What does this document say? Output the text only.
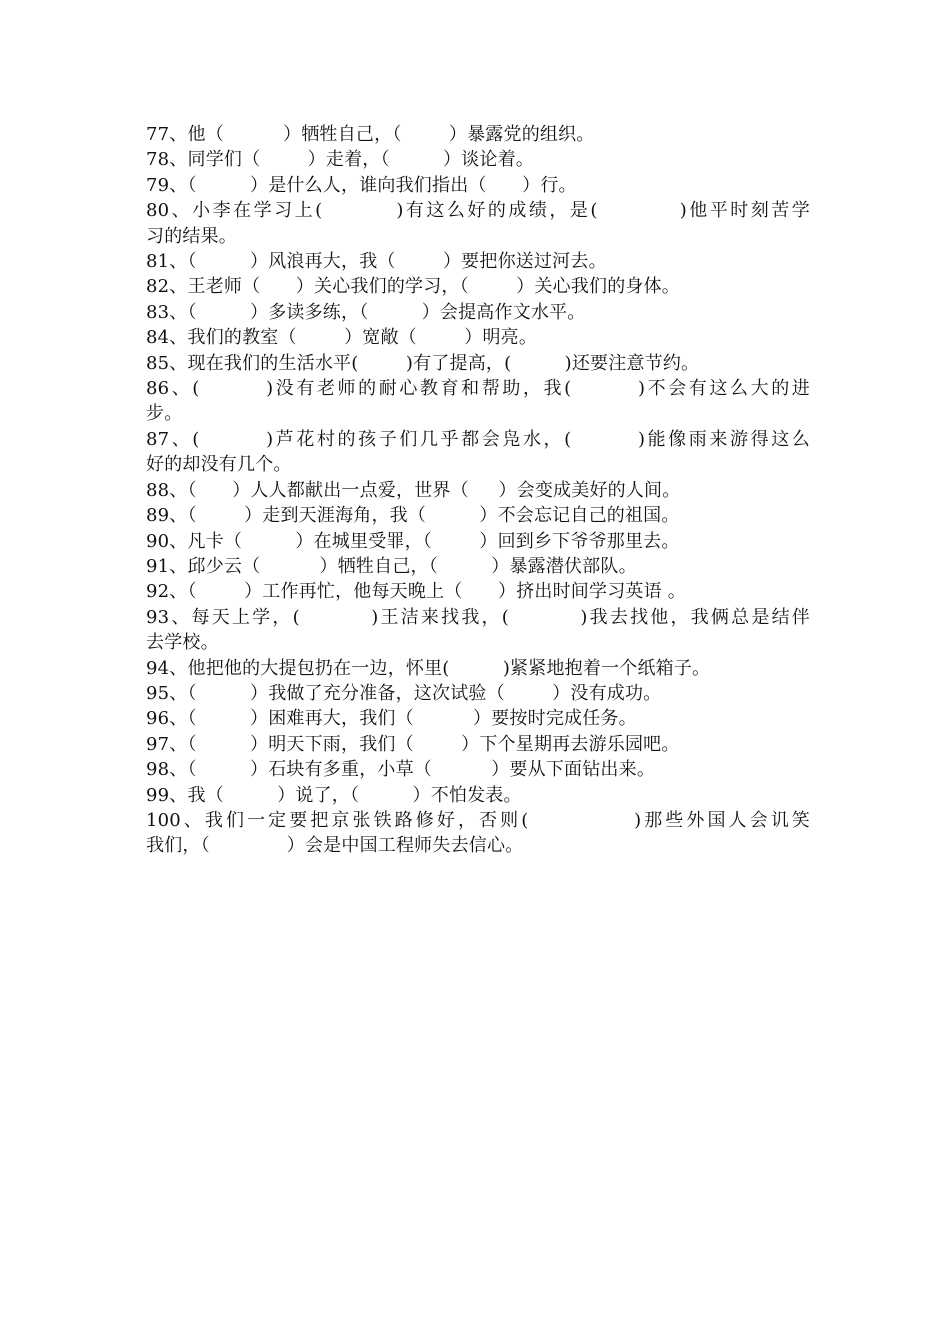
77、他（          ）牺牲自己，（        ）暴露党的组织。
78、同学们（        ）走着，（         ）谈论着。
79、（         ）是什么人，谁向我们指出（      ）行。
80、小李在学习上(         )有这么好的成绩，是(          )他平时刻苦学
习的结果。
81、（         ）风浪再大，我（        ）要把你送过河去。
82、王老师（      ）关心我们的学习，（        ）关心我们的身体。
83、（         ）多读多练，（         ）会提高作文水平。
84、我们的教室（        ）宽敞（        ）明亮。
85、现在我们的生活水平(        )有了提高，(         )还要注意节约。
86、(        )没有老师的耐心教育和帮助，我(        )不会有这么大的进
步。
87、(        )芦花村的孩子们几乎都会凫水，(        )能像雨来游得这么
好的却没有几个。
88、（      ）人人都献出一点爱，世界（     ）会变成美好的人间。
89、（        ）走到天涯海角，我（         ）不会忘记自己的祖国。
90、凡卡（         ）在城里受罪，（        ）回到乡下爷爷那里去。
91、邱少云（          ）牺牲自己，（         ）暴露潜伏部队。
92、（        ）工作再忙，他每天晚上（      ）挤出时间学习英语 。
93、每天上学，(         )王洁来找我，(         )我去找他，我俩总是结伴
去学校。
94、他把他的大提包扔在一边，怀里(         )紧紧地抱着一个纸箱子。
95、（         ）我做了充分准备，这次试验（        ）没有成功。
96、（         ）困难再大，我们（          ）要按时完成任务。
97、（         ）明天下雨，我们（        ）下个星期再去游乐园吧。
98、（         ）石块有多重，小草（          ）要从下面钻出来。
99、我（         ）说了，（         ）不怕发表。
100、我们一定要把京张铁路修好，否则(            )那些外国人会讥笑
我们，（             ）会是中国工程师失去信心。
